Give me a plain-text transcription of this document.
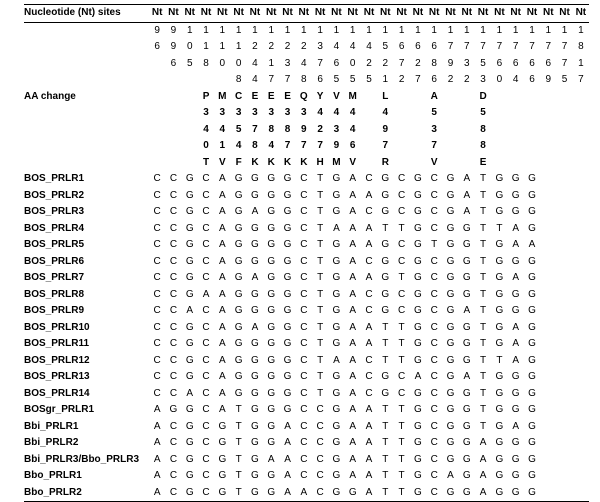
Nucleotide (Nt) sites	Nt	Nt	Nt	Nt	Nt	Nt	Nt	Nt	Nt	Nt	Nt	Nt	Nt	Nt	Nt	Nt	Nt	Nt	Nt	Nt	Nt	Nt	Nt	Nt	Nt	Nt	Nt
	9	9	1	1	1	1	1	1	1	1	1	1	1	1	1	1	1	1	1	1	1	1	1	1	1	1	1
	6	9	0	1	1	1	2	2	2	2	3	4	4	4	5	6	6	6	7	7	7	7	7	7	7	7	8
		6	5	8	0	0	4	1	3	4	7	6	0	2	2	7	2	8	9	3	5	6	6	6	6	7	1
						8	4	7	7	8	6	5	5	5	1	2	7	6	2	2	3	0	4	6	9	5	7
AA change				P	M	C	E	E	E	Q	Y	V	M		L			A			D						
				3	3	3	3	3	3	3	4	4	4		4			5			5						
				4	4	5	7	8	8	9	2	3	4		9			3			8						
				0	1	4	8	4	7	7	7	9	6		7			7			8						
				T	V	F	K	K	K	K	H	M	V		R			V			E						
BOS_PRLR1	C	C	G	C	A	G	G	G	G	C	T	G	A	C	G	C	G	C	G	A	T	G	G	G			
BOS_PRLR2	C	C	G	C	A	G	G	G	G	C	T	G	A	A	G	C	G	C	G	A	T	G	G	G			
BOS_PRLR3	C	C	G	C	A	G	A	G	G	C	T	G	A	C	G	C	G	C	G	A	T	G	G	G			
BOS_PRLR4	C	C	G	C	A	G	G	G	G	C	T	A	A	A	T	T	G	C	G	G	T	T	A	G			
BOS_PRLR5	C	C	G	C	A	G	G	G	G	C	T	G	A	A	G	C	G	T	G	G	T	G	A	A			
BOS_PRLR6	C	C	G	C	A	G	G	G	G	C	T	G	A	C	G	C	G	C	G	G	T	G	G	G			
BOS_PRLR7	C	C	G	C	A	G	A	G	G	C	T	G	A	A	G	T	G	C	G	G	T	G	A	G			
BOS_PRLR8	C	C	G	A	A	G	G	G	G	C	T	G	A	C	G	C	G	C	G	G	T	G	G	G			
BOS_PRLR9	C	C	A	C	A	G	G	G	G	C	T	G	A	C	G	C	G	C	G	A	T	G	G	G			
BOS_PRLR10	C	C	G	C	A	G	A	G	G	C	T	G	A	A	T	T	G	C	G	G	T	G	A	G			
BOS_PRLR11	C	C	G	C	A	G	G	G	G	C	T	G	A	A	T	T	G	C	G	G	T	G	A	G			
BOS_PRLR12	C	C	G	C	A	G	G	G	G	C	T	A	A	C	T	T	G	C	G	G	T	T	A	G			
BOS_PRLR13	C	C	G	C	A	G	G	G	G	C	T	G	A	C	G	C	A	C	G	A	T	G	G	G			
BOS_PRLR14	C	C	A	C	A	G	G	G	G	C	T	G	A	C	G	C	G	C	G	G	T	G	G	G			
BOSgr_PRLR1	A	G	G	C	A	T	G	G	G	C	C	G	A	A	T	T	G	C	G	G	T	G	G	G			
Bbi_PRLR1	A	C	G	C	G	T	G	G	A	C	C	G	A	A	T	T	G	C	G	G	T	G	A	G			
Bbi_PRLR2	A	C	G	C	G	T	G	G	A	C	C	G	A	A	T	T	G	C	G	G	A	G	G	G			
Bbi_PRLR3/Bbo_PRLR3	A	C	G	C	G	T	G	A	A	C	C	G	A	A	T	T	G	C	G	G	A	G	G	G			
Bbo_PRLR1	A	C	G	C	G	T	G	G	A	C	C	G	A	A	T	T	G	C	A	G	A	G	G	G			
Bbo_PRLR2	A	C	G	C	G	T	G	G	A	A	C	G	G	A	T	T	G	C	G	G	A	G	G	G			
